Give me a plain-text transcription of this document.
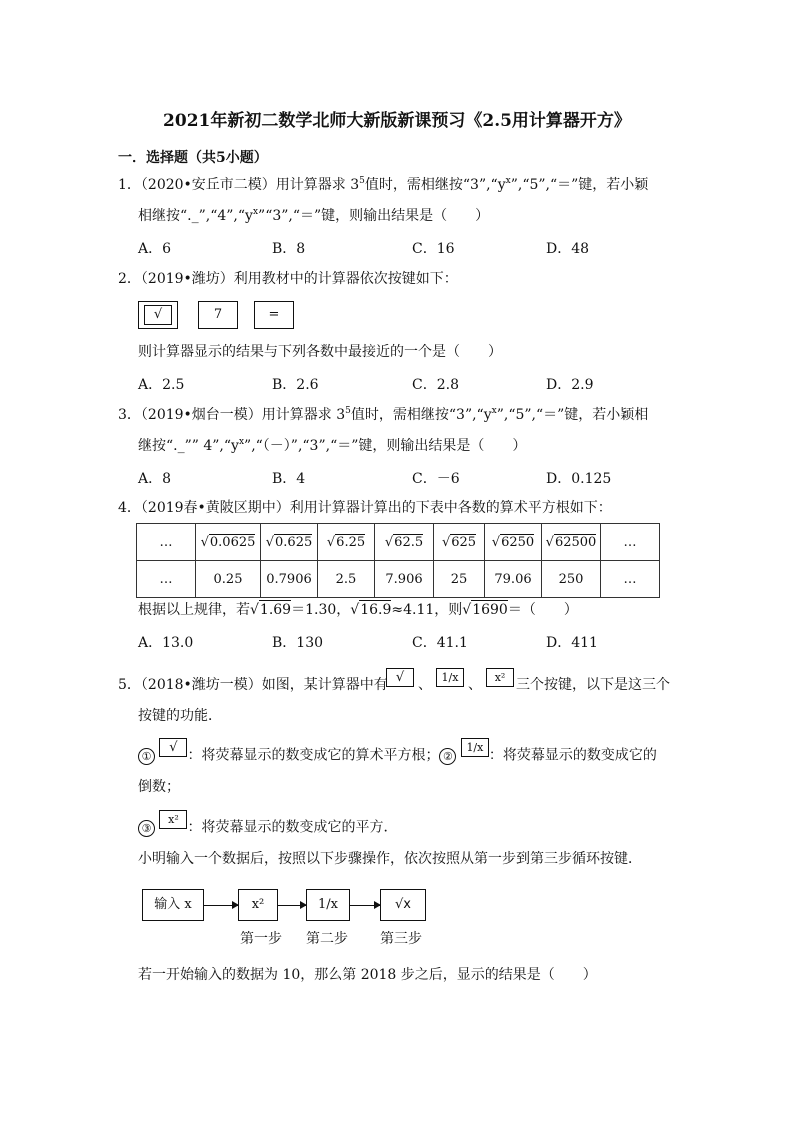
2021年新初二数学北师大新版新课预习《2.5用计算器开方》
一．选择题（共5小题）
1．（2020•安丘市二模）用计算器求 $3^5$值时，需相继按“$3”,“y^x”,“5”,“=$”键，若小颖
相继按“$.\_”,“4”,“y^x”“3”,“=$”键，则输出结果是（　　）
A．6	B．8	C．16	D．48
2．（2019•潍坊）利用教材中的计算器依次按键如下：
√	7	=
则计算器显示的结果与下列各数中最接近的一个是（　　）
A．2.5	B．2.6	C．2.8	D．2.9
3．（2019•烟台一模）用计算器求 $3^5$值时，需相继按“$3”,“y^x”,“5”,“=$”键，若小颖相
继按“._”” $4”,“y^x”,“(-)”,“3”,“=$”键，则输出结果是（　　）
A．8	B．4	C．－6	D．0.125
4．（2019春•黄陂区期中）利用计算器计算出的下表中各数的算术平方根如下：
…	√0.0625	√0.625	√6.25	√62.5	√625	√6250	√62500	…
…	0.25	0.7906	2.5	7.906	25	79.06	250	…
根据以上规律，若√1.69＝1.30，√16.9≈4.11，则√1690＝（　　）
A．13.0	B．130	C．41.1	D．411
5．（2018•潍坊一模）如图，某计算器中有 √ 、 1/x 、	x² 三个按键，以下是这三个
按键的功能．
① √ ：将荧幕显示的数变成它的算术平方根； ② 1/x ：将荧幕显示的数变成它的
倒数；
③ x² ：将荧幕显示的数变成它的平方．
小明输入一个数据后，按照以下步骤操作，依次按照从第一步到第三步循环按键．
输入 x	x²	1/x	√x
第一步 第二步 第三步
若一开始输入的数据为 10，那么第 2018 步之后，显示的结果是（　　）
